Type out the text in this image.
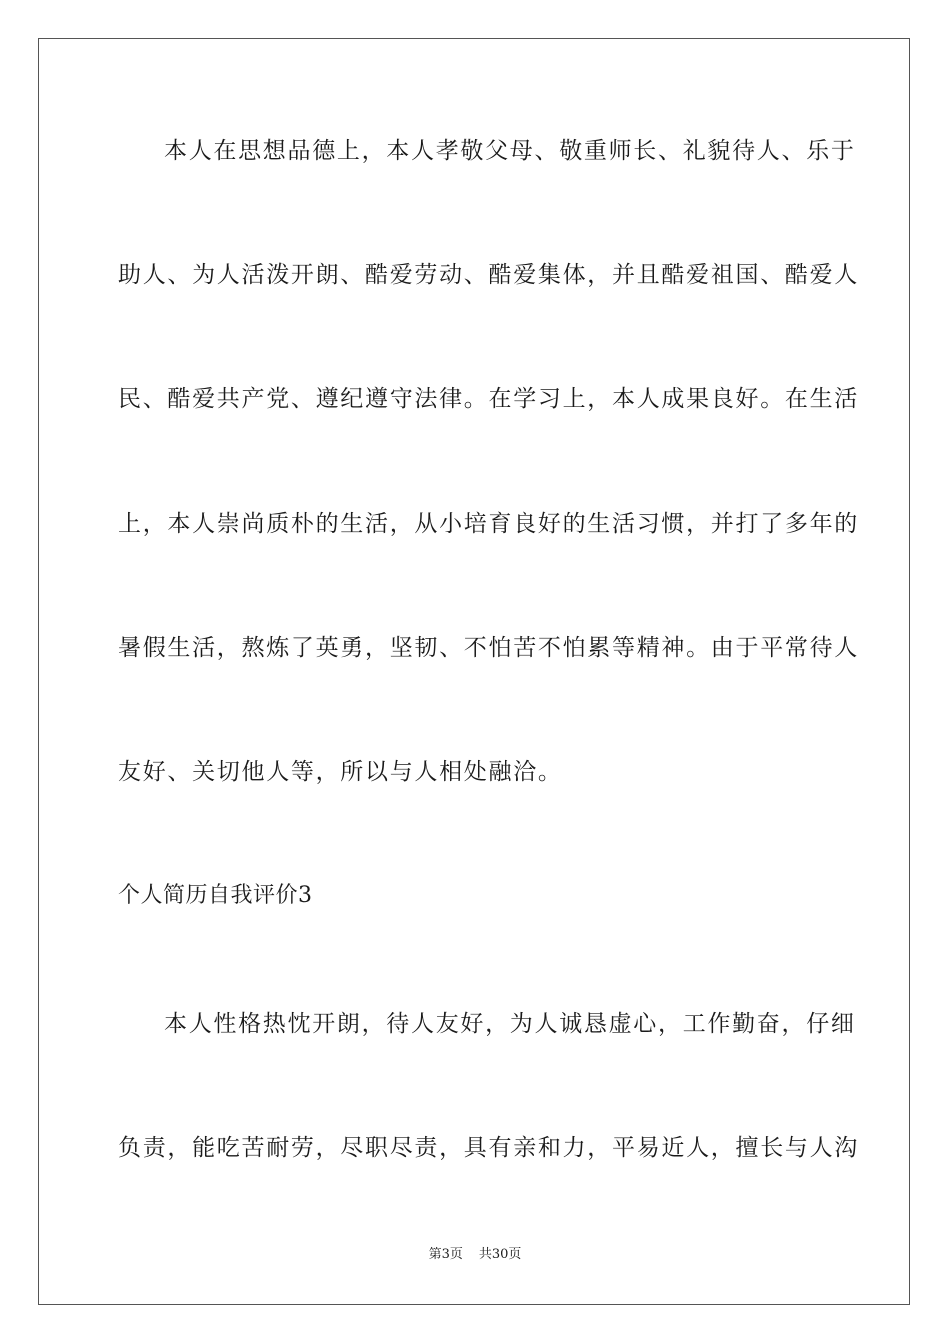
本人在思想品德上，本人孝敬父母、敬重师长、礼貌待人、乐于
助人、为人活泼开朗、酷爱劳动、酷爱集体，并且酷爱祖国、酷爱人
民、酷爱共产党、遵纪遵守法律。在学习上，本人成果良好。在生活
上，本人崇尚质朴的生活，从小培育良好的生活习惯，并打了多年的
暑假生活，熬炼了英勇，坚韧、不怕苦不怕累等精神。由于平常待人
友好、关切他人等，所以与人相处融洽。
个人简历自我评价3
本人性格热忱开朗，待人友好，为人诚恳虚心，工作勤奋，仔细
负责，能吃苦耐劳，尽职尽责，具有亲和力，平易近人，擅长与人沟
第3页 共30页
